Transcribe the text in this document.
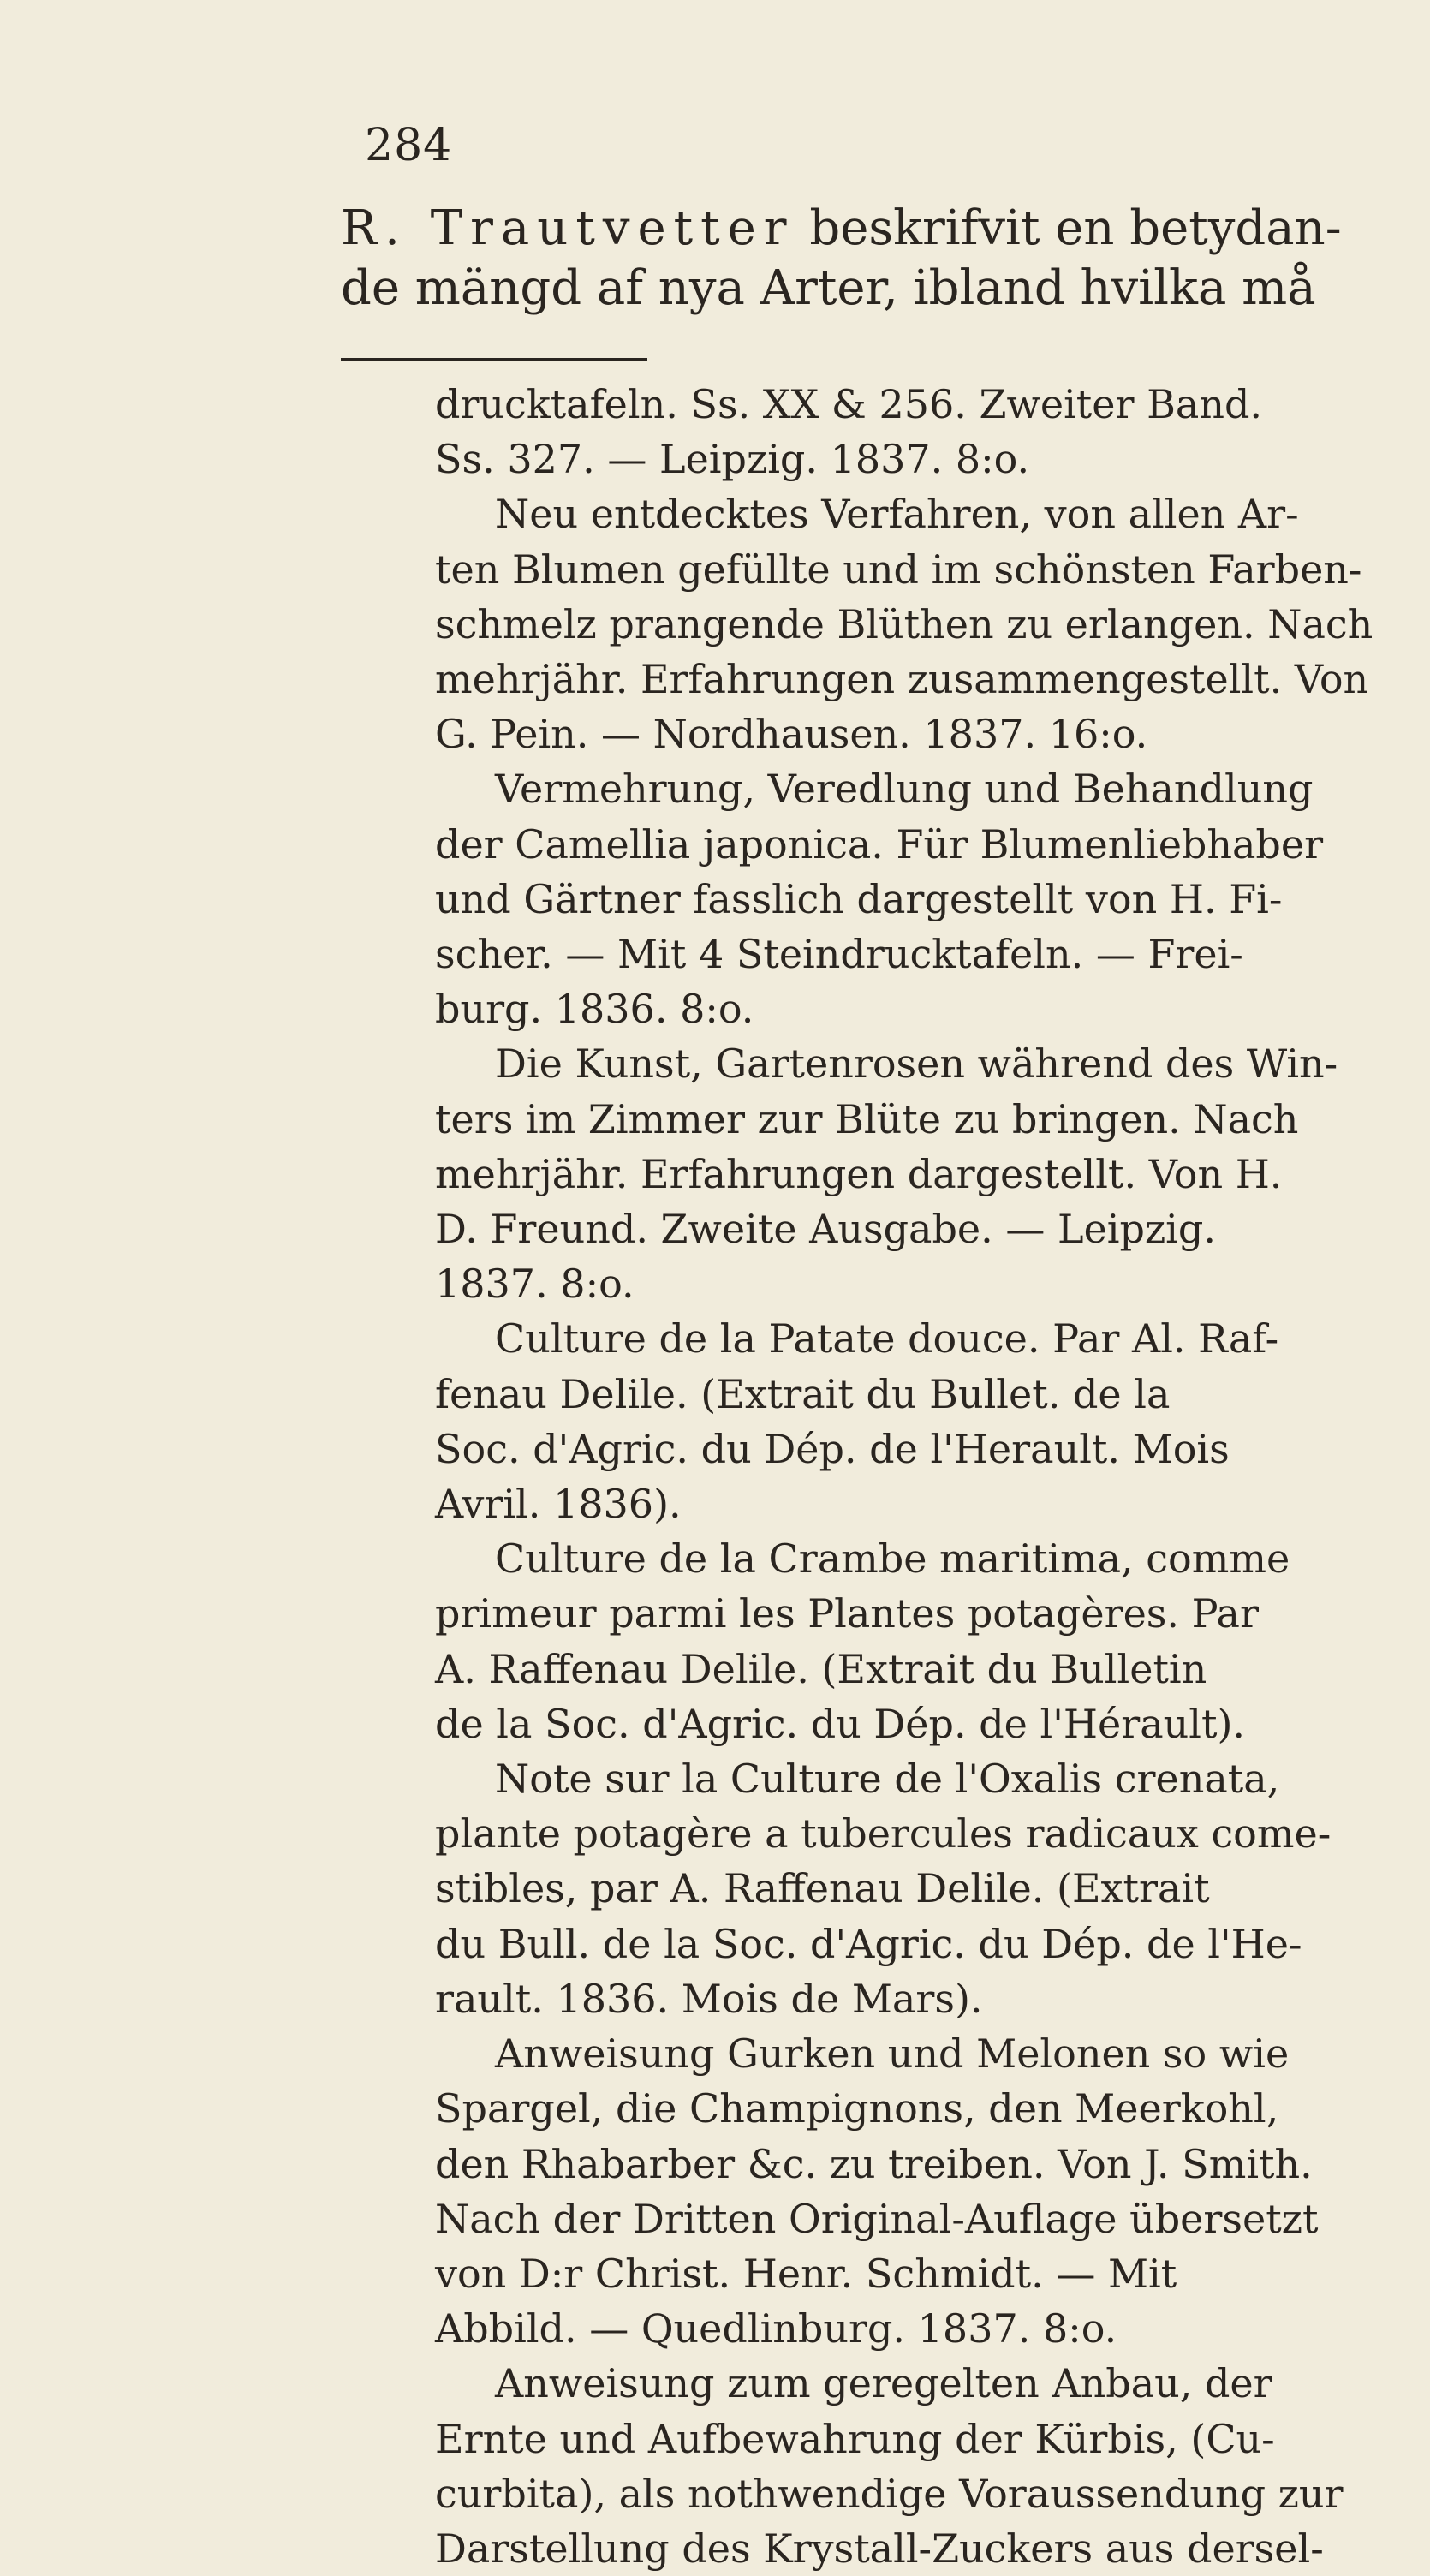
284
R. Trautvetter beskrifvit en betydan-
de mängd af nya Arter, ibland hvilka må
drucktafeln. Ss. XX & 256. Zweiter Band.
Ss. 327. — Leipzig. 1837. 8:o.
Neu entdecktes Verfahren, von allen Ar-
ten Blumen gefüllte und im schönsten Farben-
schmelz prangende Blüthen zu erlangen. Nach
mehrjähr. Erfahrungen zusammengestellt. Von
G. Pein. — Nordhausen. 1837. 16:o.
Vermehrung, Veredlung und Behandlung
der Camellia japonica. Für Blumenliebhaber
und Gärtner fasslich dargestellt von H. Fi-
scher. — Mit 4 Steindrucktafeln. — Frei-
burg. 1836. 8:o.
Die Kunst, Gartenrosen während des Win-
ters im Zimmer zur Blüte zu bringen. Nach
mehrjähr. Erfahrungen dargestellt. Von H.
D. Freund. Zweite Ausgabe. — Leipzig.
1837. 8:o.
Culture de la Patate douce. Par Al. Raf-
fenau Delile. (Extrait du Bullet. de la
Soc. d'Agric. du Dép. de l'Herault. Mois
Avril. 1836).
Culture de la Crambe maritima, comme
primeur parmi les Plantes potagères. Par
A. Raffenau Delile. (Extrait du Bulletin
de la Soc. d'Agric. du Dép. de l'Hérault).
Note sur la Culture de l'Oxalis crenata,
plante potagère a tubercules radicaux come-
stibles, par A. Raffenau Delile. (Extrait
du Bull. de la Soc. d'Agric. du Dép. de l'He-
rault. 1836. Mois de Mars).
Anweisung Gurken und Melonen so wie
Spargel, die Champignons, den Meerkohl,
den Rhabarber &c. zu treiben. Von J. Smith.
Nach der Dritten Original-Auflage übersetzt
von D:r Christ. Henr. Schmidt. — Mit
Abbild. — Quedlinburg. 1837. 8:o.
Anweisung zum geregelten Anbau, der
Ernte und Aufbewahrung der Kürbis, (Cu-
curbita), als nothwendige Voraussendung zur
Darstellung des Krystall-Zuckers aus dersel-
